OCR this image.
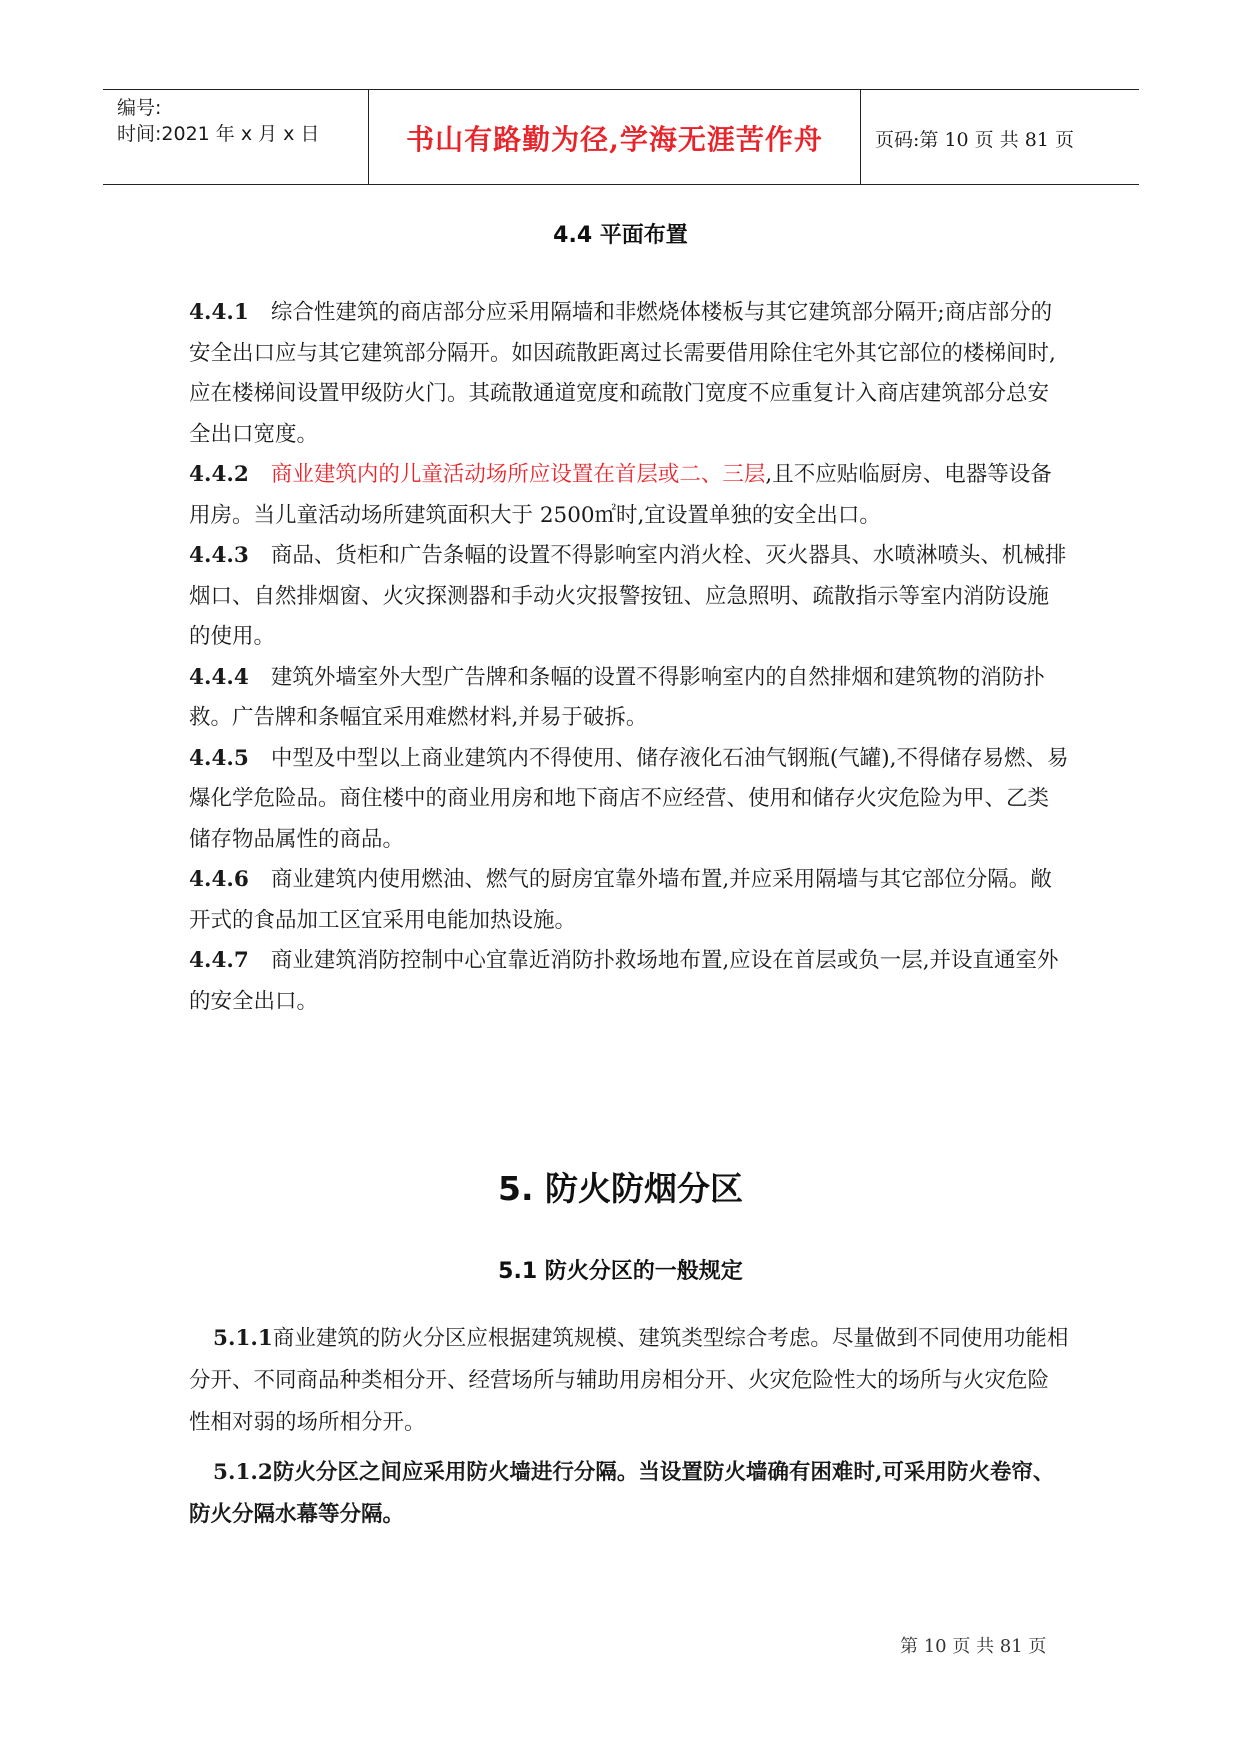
编号:
时间:2021 年 x 月 x 日	书山有路勤为径,学海无涯苦作舟	页码:第 10 页 共 81 页
4.4 平面布置

4.4.1 综合性建筑的商店部分应采用隔墙和非燃烧体楼板与其它建筑部分隔开;商店部分的安全出口应与其它建筑部分隔开。如因疏散距离过长需要借用除住宅外其它部位的楼梯间时,应在楼梯间设置甲级防火门。其疏散通道宽度和疏散门宽度不应重复计入商店建筑部分总安全出口宽度。

4.4.2 商业建筑内的儿童活动场所应设置在首层或二、三层,且不应贴临厨房、电器等设备用房。当儿童活动场所建筑面积大于 2500㎡时,宜设置单独的安全出口。

4.4.3 商品、货柜和广告条幅的设置不得影响室内消火栓、灭火器具、水喷淋喷头、机械排烟口、自然排烟窗、火灾探测器和手动火灾报警按钮、应急照明、疏散指示等室内消防设施的使用。

4.4.4 建筑外墙室外大型广告牌和条幅的设置不得影响室内的自然排烟和建筑物的消防扑救。广告牌和条幅宜采用难燃材料,并易于破拆。

4.4.5 中型及中型以上商业建筑内不得使用、储存液化石油气钢瓶(气罐),不得储存易燃、易爆化学危险品。商住楼中的商业用房和地下商店不应经营、使用和储存火灾危险为甲、乙类储存物品属性的商品。

4.4.6 商业建筑内使用燃油、燃气的厨房宜靠外墙布置,并应采用隔墙与其它部位分隔。敞开式的食品加工区宜采用电能加热设施。

4.4.7 商业建筑消防控制中心宜靠近消防扑救场地布置,应设在首层或负一层,并设直通室外的安全出口。

5. 防火防烟分区
5.1 防火分区的一般规定

5.1.1商业建筑的防火分区应根据建筑规模、建筑类型综合考虑。尽量做到不同使用功能相分开、不同商品种类相分开、经营场所与辅助用房相分开、火灾危险性大的场所与火灾危险性相对弱的场所相分开。

5.1.2防火分区之间应采用防火墙进行分隔。当设置防火墙确有困难时,可采用防火卷帘、防火分隔水幕等分隔。

第 10 页 共 81 页
